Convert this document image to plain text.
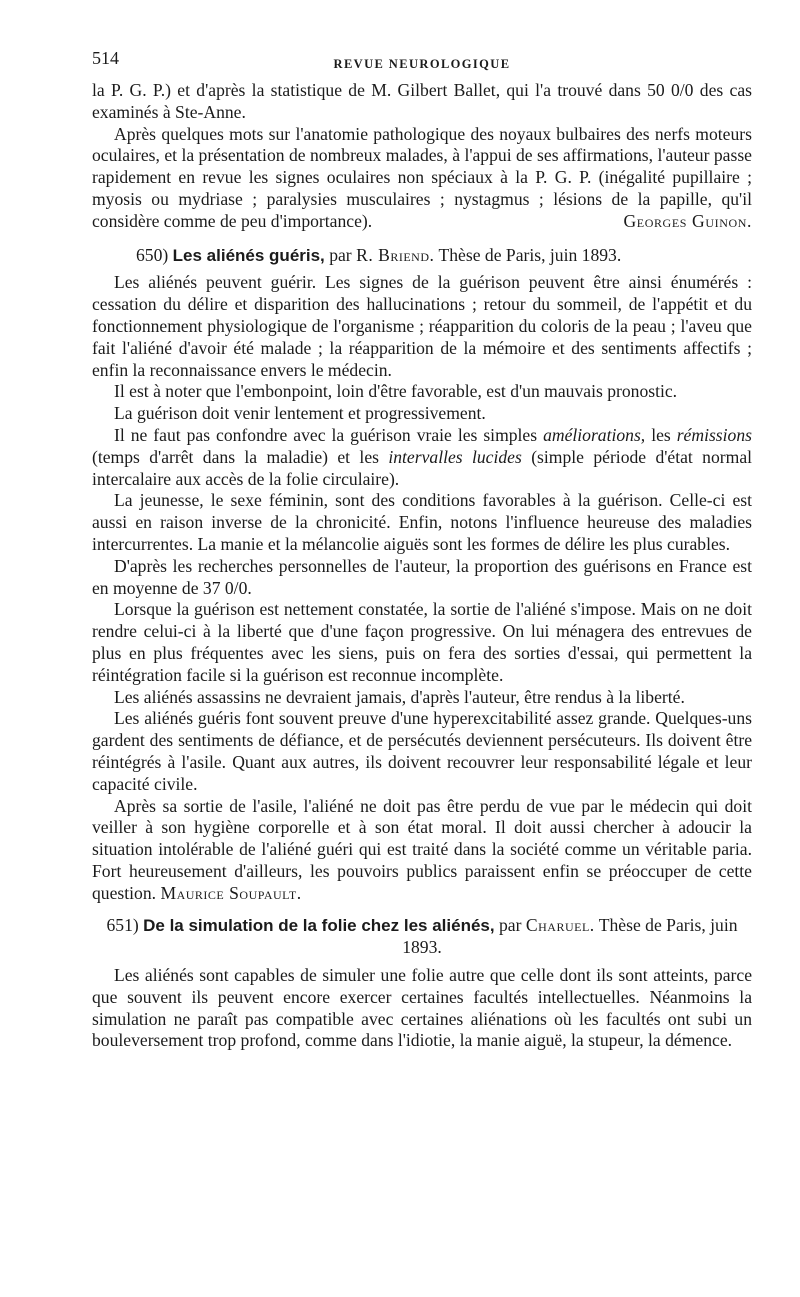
514	REVUE NEUROLOGIQUE

la P. G. P.) et d'après la statistique de M. Gilbert Ballet, qui l'a trouvé dans 50 0/0 des cas examinés à Ste-Anne.

Après quelques mots sur l'anatomie pathologique des noyaux bulbaires des nerfs moteurs oculaires, et la présentation de nombreux malades, à l'appui de ses affirmations, l'auteur passe rapidement en revue les signes oculaires non spéciaux à la P. G. P. (inégalité pupillaire ; myosis ou mydriase ; paralysies musculaires ; nystagmus ; lésions de la papille, qu'il considère comme de peu d'importance).	Georges Guinon.

650) Les aliénés guéris, par R. Briend. Thèse de Paris, juin 1893.

Les aliénés peuvent guérir. Les signes de la guérison peuvent être ainsi énumérés : cessation du délire et disparition des hallucinations ; retour du sommeil, de l'appétit et du fonctionnement physiologique de l'organisme ; réapparition du coloris de la peau ; l'aveu que fait l'aliéné d'avoir été malade ; la réapparition de la mémoire et des sentiments affectifs ; enfin la reconnaissance envers le médecin.

Il est à noter que l'embonpoint, loin d'être favorable, est d'un mauvais pronostic.

La guérison doit venir lentement et progressivement.

Il ne faut pas confondre avec la guérison vraie les simples améliorations, les rémissions (temps d'arrêt dans la maladie) et les intervalles lucides (simple période d'état normal intercalaire aux accès de la folie circulaire).

La jeunesse, le sexe féminin, sont des conditions favorables à la guérison. Celle-ci est aussi en raison inverse de la chronicité. Enfin, notons l'influence heureuse des maladies intercurrentes. La manie et la mélancolie aiguës sont les formes de délire les plus curables.

D'après les recherches personnelles de l'auteur, la proportion des guérisons en France est en moyenne de 37 0/0.

Lorsque la guérison est nettement constatée, la sortie de l'aliéné s'impose. Mais on ne doit rendre celui-ci à la liberté que d'une façon progressive. On lui ménagera des entrevues de plus en plus fréquentes avec les siens, puis on fera des sorties d'essai, qui permettent la réintégration facile si la guérison est reconnue incomplète.

Les aliénés assassins ne devraient jamais, d'après l'auteur, être rendus à la liberté.

Les aliénés guéris font souvent preuve d'une hyperexcitabilité assez grande. Quelques-uns gardent des sentiments de défiance, et de persécutés deviennent persécuteurs. Ils doivent être réintégrés à l'asile. Quant aux autres, ils doivent recouvrer leur responsabilité légale et leur capacité civile.

Après sa sortie de l'asile, l'aliéné ne doit pas être perdu de vue par le médecin qui doit veiller à son hygiène corporelle et à son état moral. Il doit aussi chercher à adoucir la situation intolérable de l'aliéné guéri qui est traité dans la société comme un véritable paria. Fort heureusement d'ailleurs, les pouvoirs publics paraissent enfin se préoccuper de cette question. Maurice Soupault.

651) De la simulation de la folie chez les aliénés, par Charuel. Thèse de Paris, juin 1893.

Les aliénés sont capables de simuler une folie autre que celle dont ils sont atteints, parce que souvent ils peuvent encore exercer certaines facultés intellectuelles. Néanmoins la simulation ne paraît pas compatible avec certaines aliénations où les facultés ont subi un bouleversement trop profond, comme dans l'idiotie, la manie aiguë, la stupeur, la démence.
